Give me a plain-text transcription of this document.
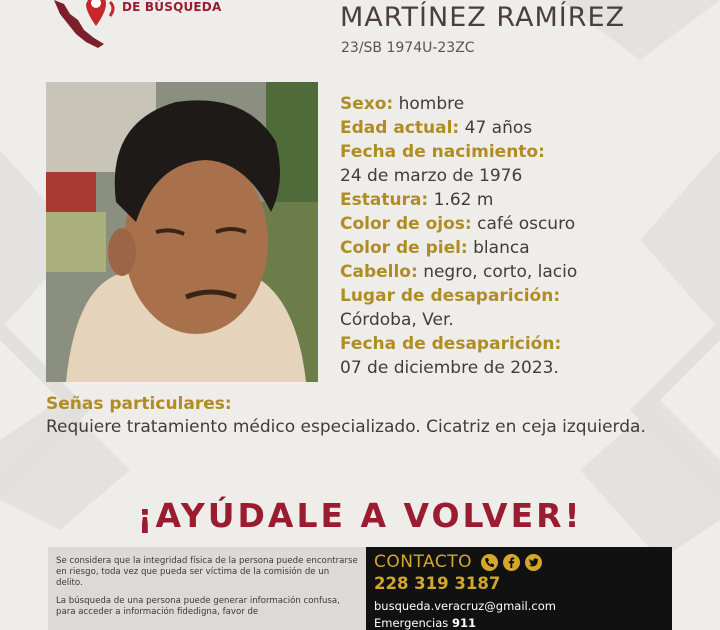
DE BÚSQUEDA	MARTÍNEZ RAMÍREZ
23/SB 1974U-23ZC
Sexo: hombre
Edad actual: 47 años
Fecha de nacimiento:
24 de marzo de 1976
Estatura: 1.62 m
Color de ojos: café oscuro
Color de piel: blanca
Cabello: negro, corto, lacio
Lugar de desaparición:
Córdoba, Ver.
Fecha de desaparición:
07 de diciembre de 2023.
Señas particulares:
Requiere tratamiento médico especializado. Cicatriz en ceja izquierda.
¡AYÚDALE A VOLVER!

Se considera que la integridad física de la persona puede encontrarse en riesgo, toda vez que pueda ser víctima de la comisión de un delito.

La búsqueda de una persona puede generar información confusa, para acceder a información fidedigna, favor de

CONTACTO
228 319 3187
busqueda.veracruz@gmail.com
Emergencias 911
